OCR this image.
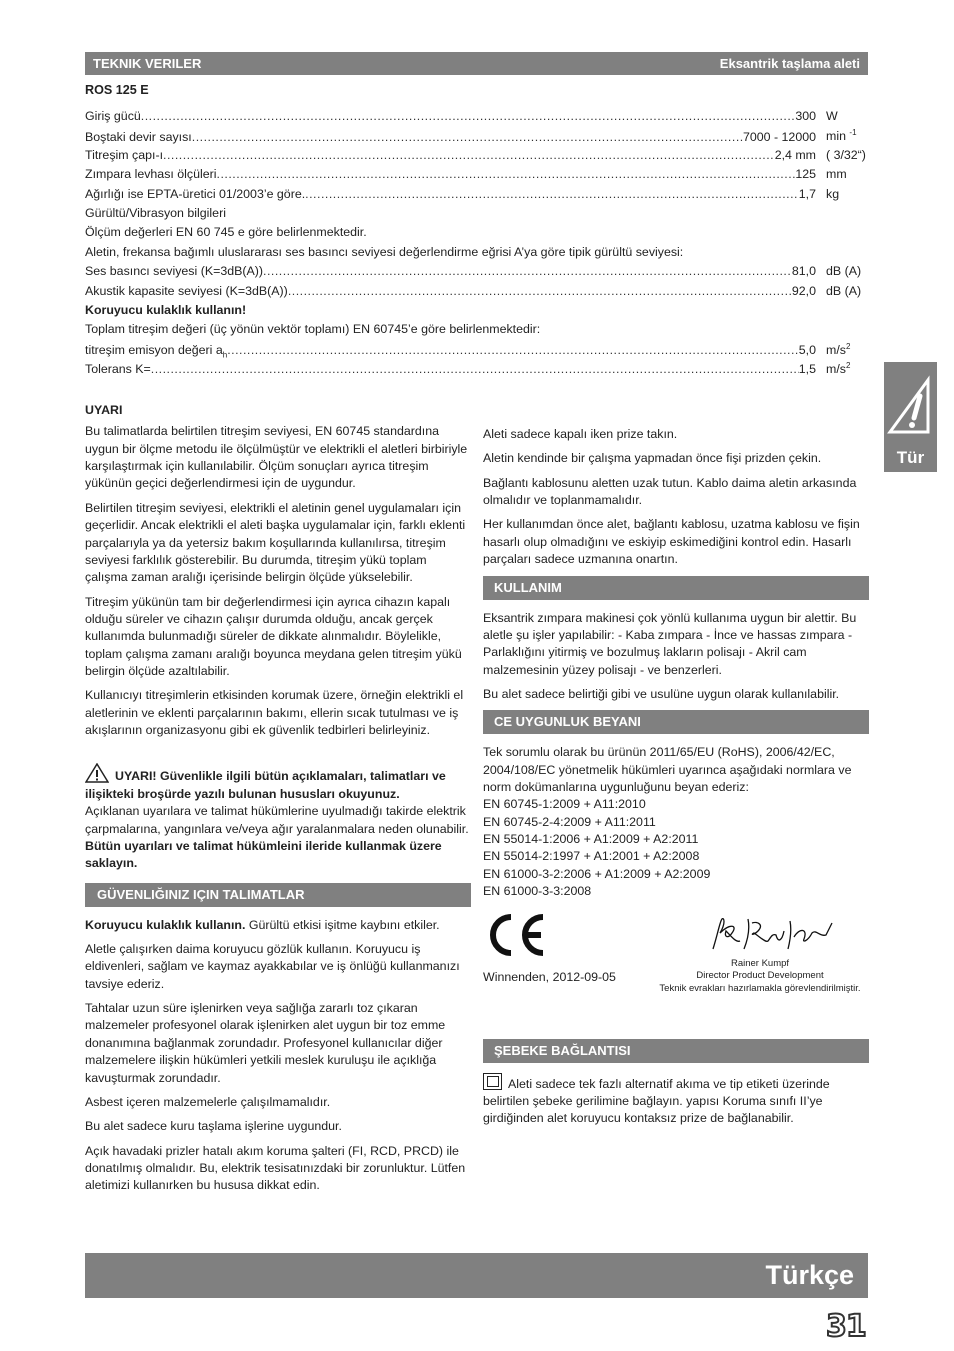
TEKNIK VERILER	Eksantrik taşlama aleti
ROS 125 E
Giriş gücü .....	300 W
Boştaki devir sayısı .....	7000 - 12000 min $^{-1}$
Titreşim çapı-ı .....	2,4 mm ( 3/32“)
Zımpara levhası ölçüleri .....	125 mm
Ağırlığı ise EPTA-üretici 01/2003’e göre. .....	1,7 kg
Gürültü/Vibrasyon bilgileri
Ölçüm değerleri EN 60 745 e göre belirlenmektedir.
Aletin, frekansa bağımlı uluslararası ses basıncı seviyesi değerlendirme eğrisi A’ya göre tipik gürültü seviyesi:
Ses basıncı seviyesi (K=3dB(A)) .....	81,0 dB (A)
Akustik kapasite seviyesi (K=3dB(A)) .....	92,0 dB (A)
Koruyucu kulaklık kullanın!
Toplam titreşim değeri (üç yönün vektör toplamı) EN 60745’e göre belirlenmektedir:
titreşim emisyon değeri $a_h$ .....	5,0 $m/s^2$
Tolerans K= .....	1,5 $m/s^2$

UYARI

Bu talimatlarda belirtilen titreşim seviyesi, EN 60745 standardına uygun bir ölçme metodu ile ölçülmüştür ve elektrikli el aletleri birbiriyle karşılaştırmak için kullanılabilir. Ölçüm sonuçları ayrıca titreşim yükünün geçici değerlendirmesi için de uygundur.

Belirtilen titreşim seviyesi, elektrikli el aletinin genel uygulamaları için geçerlidir. Ancak elektrikli el aleti başka uygulamalar için, farklı eklenti parçalarıyla ya da yetersiz bakım koşullarında kullanılırsa, titreşim seviyesi farklılık gösterebilir. Bu durumda, titreşim yükü toplam çalışma zaman aralığı içerisinde belirgin ölçüde yükselebilir.

Titreşim yükünün tam bir değerlendirmesi için ayrıca cihazın kapalı olduğu süreler ve cihazın çalışır durumda olduğu, ancak gerçek kullanımda bulunmadığı süreler de dikkate alınmalıdır. Böylelikle, toplam çalışma zamanı aralığı boyunca meydana gelen titreşim yükü belirgin ölçüde azaltılabilir.

Kullanıcıyı titreşimlerin etkisinden korumak üzere, örneğin elektrikli el aletlerinin ve eklenti parçalarının bakımı, ellerin sıcak tutulması ve iş akışlarının organizasyonu gibi ek güvenlik tedbirleri belirleyiniz.

UYARI! Güvenlikle ilgili bütün açıklamaları, talimatları ve ilişikteki broşürde yazılı bulunan hususları okuyunuz.
Açıklanan uyarılara ve talimat hükümlerine uyulmadığı takirde elektrik çarpmalarına, yangınlara ve/veya ağır yaralanmalara neden olunabilir.
Bütün uyarıları ve talimat hükümleini ileride kullanmak üzere saklayın.
GÜVENLIĞINIZ IÇIN TALIMATLAR

Koruyucu kulaklık kullanın. Gürültü etkisi işitme kaybını etkiler.

Aletle çalışırken daima koruyucu gözlük kullanın. Koruyucu iş eldivenleri, sağlam ve kaymaz ayakkabılar ve iş önlüğü kullanmanızı tavsiye ederiz.

Tahtalar uzun süre işlenirken veya sağlığa zararlı toz çıkaran malzemeler profesyonel olarak işlenirken alet uygun bir toz emme donanımına bağlanmak zorundadır. Profesyonel kullanıcılar diğer malzemelere ilişkin hükümleri yetkili meslek kuruluşu ile açıklığa kavuşturmak zorundadır.

Asbest içeren malzemelerle çalışılmamalıdır.

Bu alet sadece kuru taşlama işlerine uygundur.

Açık havadaki prizler hatalı akım koruma şalteri (FI, RCD, PRCD) ile donatılmış olmalıdır. Bu, elektrik tesisatınızdaki bir zorunluktur. Lütfen aletimizi kullanırken bu hususa dikkat edin.

Aleti sadece kapalı iken prize takın.

Aletin kendinde bir çalışma yapmadan önce fişi prizden çekin.

Bağlantı kablosunu aletten uzak tutun. Kablo daima aletin arkasında olmalıdır ve toplanmamalıdır.

Her kullanımdan önce alet, bağlantı kablosu, uzatma kablosu ve fişin hasarlı olup olmadığını ve eskiyip eskimediğini kontrol edin. Hasarlı parçaları sadece uzmanına onartın.

KULLANIM

Eksantrik zımpara makinesi çok yönlü kullanıma uygun bir alettir. Bu aletle şu işler yapılabilir: - Kaba zımpara - İnce ve hassas zımpara - Parlaklığını yitirmiş ve bozulmuş lakların polisajı - Akril cam malzemesinin yüzey polisajı - ve benzerleri.

Bu alet sadece belirtiği gibi ve usulüne uygun olarak kullanılabilir.

CE UYGUNLUK BEYANI
Tek sorumlu olarak bu ürünün 2011/65/EU (RoHS), 2006/42/EC, 2004/108/EC yönetmelik hükümleri uyarınca aşağıdaki normlara ve norm dokümanlarına uygunluğunu beyan ederiz:
EN 60745-1:2009 + A11:2010
EN 60745-2-4:2009 + A11:2011
EN 55014-1:2006 + A1:2009 + A2:2011
EN 55014-2:1997 + A1:2001 + A2:2008
EN 61000-3-2:2006 + A1:2009 + A2:2009
EN 61000-3-3:2008
Winnenden, 2012-09-05
Rainer Kumpf
Director Product Development
Teknik evrakları hazırlamakla görevlendirilmiştir.
ŞEBEKE BAĞLANTISI

Aleti sadece tek fazlı alternatif akıma ve tip etiketi üzerinde belirtilen şebeke gerilimine bağlayın. yapısı Koruma sınıfı II’ye girdiğinden alet koruyucu kontaksız prize de bağlanabilir.

Tür
Türkçe
31
